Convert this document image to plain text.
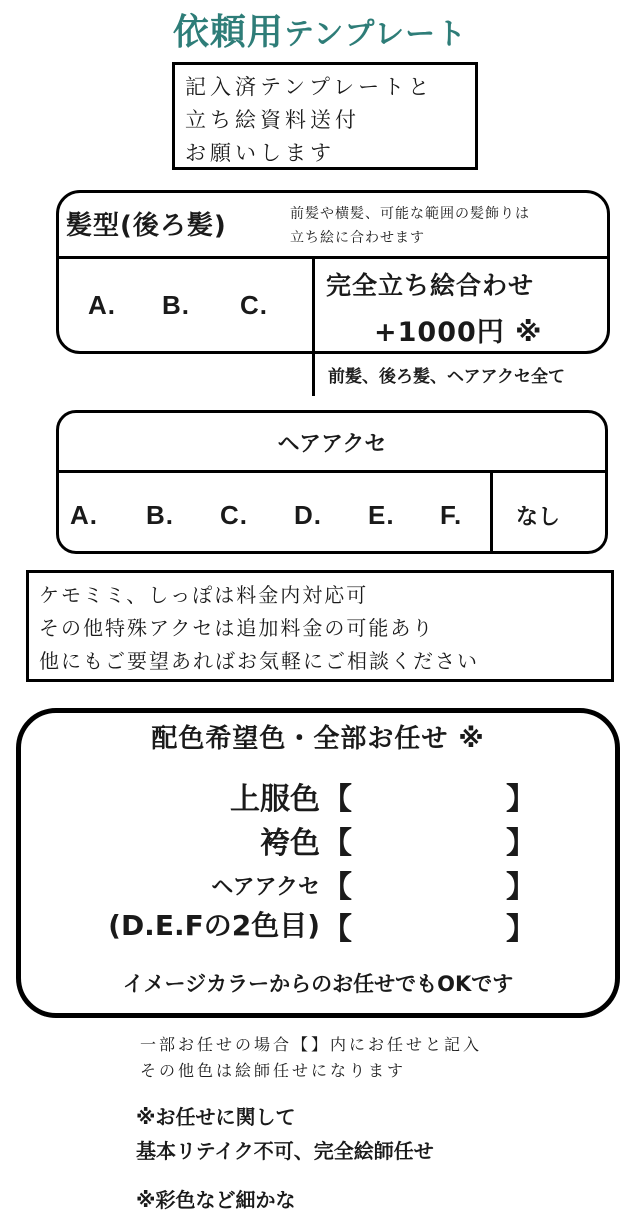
依頼用テンプレート
記入済テンプレートと
立ち絵資料送付
お願いします
髪型(後ろ髪)	前髪や横髪、可能な範囲の髪飾りは
立ち絵に合わせます
A. B. C.
完全立ち絵合わせ
+1000円 ※
前髪、後ろ髪、ヘアアクセ全て
ヘアアクセ
A. B. C. D. E. F. なし
ケモミミ、しっぽは料金内対応可
その他特殊アクセは追加料金の可能あり
他にもご要望あればお気軽にご相談ください
配色希望色・全部お任せ ※
上服色 【	】
袴色 【	】
ヘアアクセ 【	】
(D.E.Fの2色目) 【	】
イメージカラーからのお任せでもOKです
一部お任せの場合【】内にお任せと記入
その他色は絵師任せになります
※お任せに関して
基本リテイク不可、完全絵師任せ
※彩色など細かな
